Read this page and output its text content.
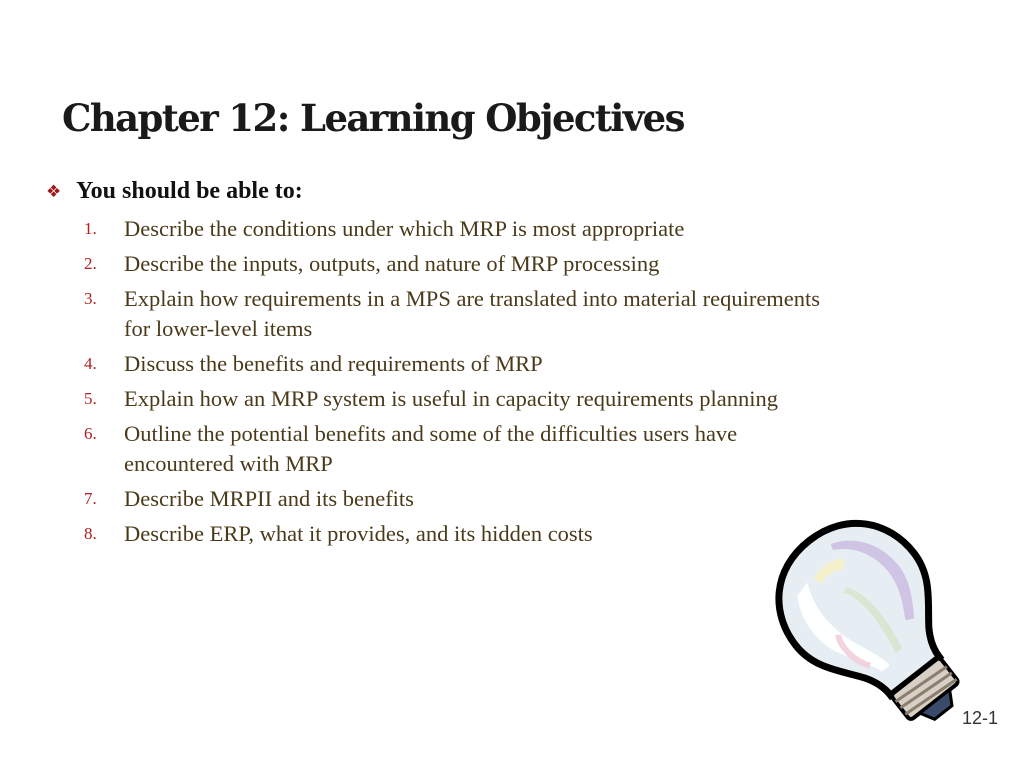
Chapter 12: Learning Objectives
❖ You should be able to:
1.	Describe the conditions under which MRP is most appropriate
2.	Describe the inputs, outputs, and nature of MRP processing
3.	Explain how requirements in a MPS are translated into material requirements for lower-level items
4.	Discuss the benefits and requirements of MRP
5.	Explain how an MRP system is useful in capacity requirements planning
6.	Outline the potential benefits and some of the difficulties users have encountered with MRP
7.	Describe MRPII and its benefits
8.	Describe ERP, what it provides, and its hidden costs
12-1
